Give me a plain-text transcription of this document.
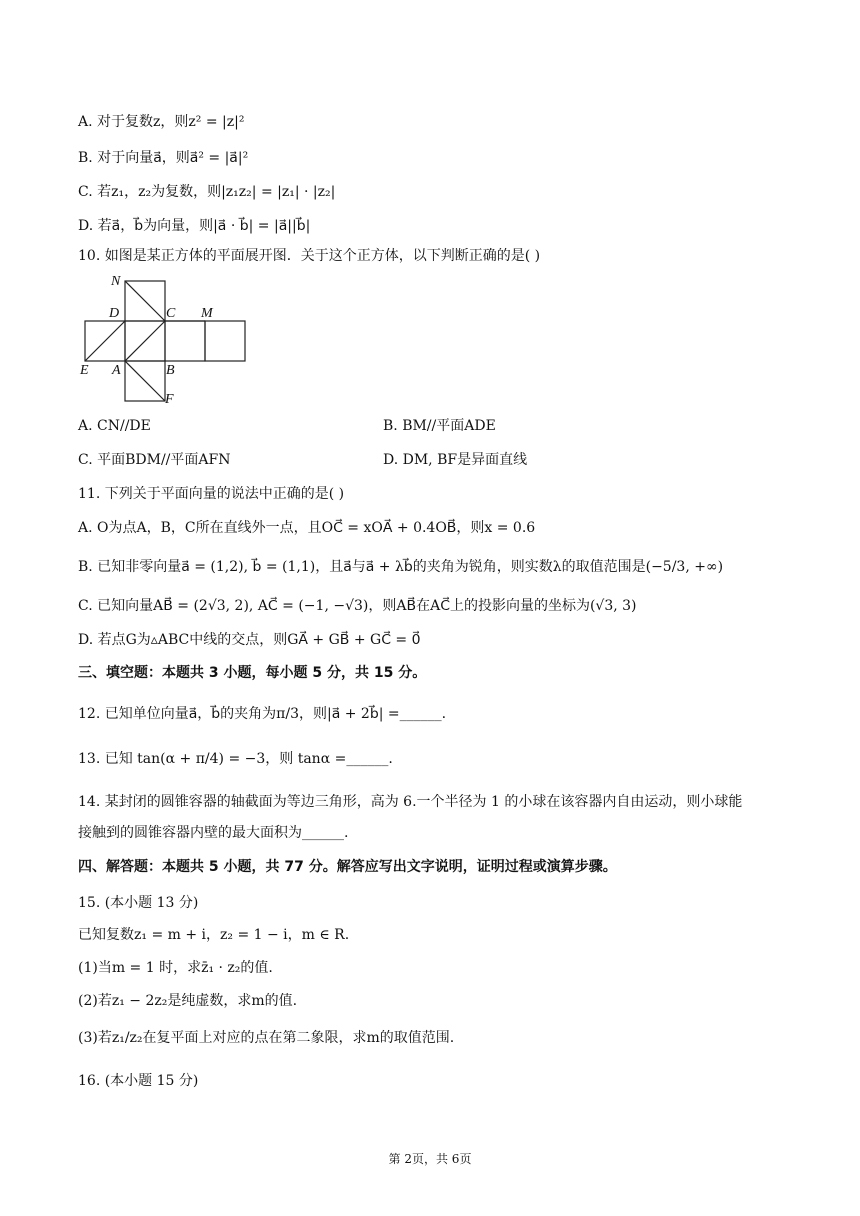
A. 对于复数z，则z² = |z|²
B. 对于向量a⃗，则a⃗² = |a⃗|²
C. 若z₁，z₂为复数，则|z₁z₂| = |z₁| · |z₂|
D. 若a⃗，b⃗为向量，则|a⃗ · b⃗| = |a⃗||b⃗|
10. 如图是某正方体的平面展开图．关于这个正方体，以下判断正确的是( )
N
D	C M
E A	B
F
A. CN//DE	B. BM//平面ADE
C. 平面BDM//平面AFN	D. DM, BF是异面直线
11. 下列关于平面向量的说法中正确的是( )
A. O为点A，B，C所在直线外一点，且OC⃗ = xOA⃗ + 0.4OB⃗，则x = 0.6
B. 已知非零向量a⃗ = (1,2), b⃗ = (1,1)，且a⃗与a⃗ + λb⃗的夹角为锐角，则实数λ的取值范围是(−5/3, +∞)
C. 已知向量AB⃗ = (2√3, 2), AC⃗ = (−1, −√3)，则AB⃗在AC⃗上的投影向量的坐标为(√3, 3)
D. 若点G为▵ABC中线的交点，则GA⃗ + GB⃗ + GC⃗ = 0⃗
三、填空题：本题共 3 小题，每小题 5 分，共 15 分。
12. 已知单位向量a⃗，b⃗的夹角为π/3，则|a⃗ + 2b⃗| =______.
13. 已知 tan(α + π/4) = −3，则 tanα =______.
14. 某封闭的圆锥容器的轴截面为等边三角形，高为 6.一个半径为 1 的小球在该容器内自由运动，则小球能
接触到的圆锥容器内壁的最大面积为______.
四、解答题：本题共 5 小题，共 77 分。解答应写出文字说明，证明过程或演算步骤。
15. (本小题 13 分)
已知复数z₁ = m + i，z₂ = 1 − i，m ∈ R.
(1)当m = 1 时，求z̄₁ · z₂的值.
(2)若z₁ − 2z₂是纯虚数，求m的值.
(3)若z₁/z₂在复平面上对应的点在第二象限，求m的取值范围.
16. (本小题 15 分)
第 2页，共 6页
